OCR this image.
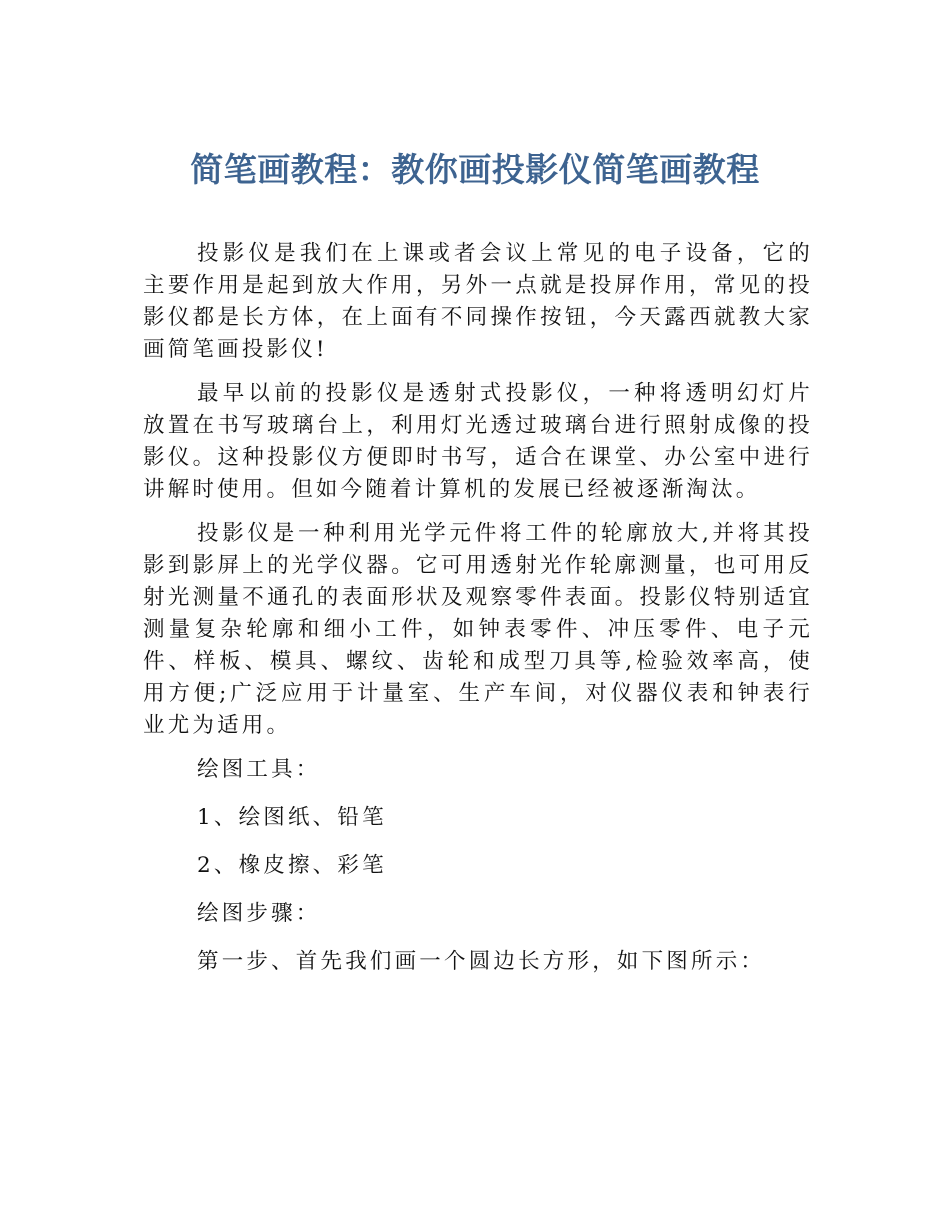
简笔画教程：教你画投影仪简笔画教程

投影仪是我们在上课或者会议上常见的电子设备，它的主要作用是起到放大作用，另外一点就是投屏作用，常见的投影仪都是长方体，在上面有不同操作按钮，今天露西就教大家画简笔画投影仪!

最早以前的投影仪是透射式投影仪，一种将透明幻灯片放置在书写玻璃台上，利用灯光透过玻璃台进行照射成像的投影仪。这种投影仪方便即时书写，适合在课堂、办公室中进行讲解时使用。但如今随着计算机的发展已经被逐渐淘汰。

投影仪是一种利用光学元件将工件的轮廓放大,并将其投影到影屏上的光学仪器。它可用透射光作轮廓测量，也可用反射光测量不通孔的表面形状及观察零件表面。投影仪特别适宜测量复杂轮廓和细小工件，如钟表零件、冲压零件、电子元件、样板、模具、螺纹、齿轮和成型刀具等,检验效率高，使用方便;广泛应用于计量室、生产车间，对仪器仪表和钟表行业尤为适用。

绘图工具：

1、绘图纸、铅笔

2、橡皮擦、彩笔

绘图步骤：

第一步、首先我们画一个圆边长方形，如下图所示：
